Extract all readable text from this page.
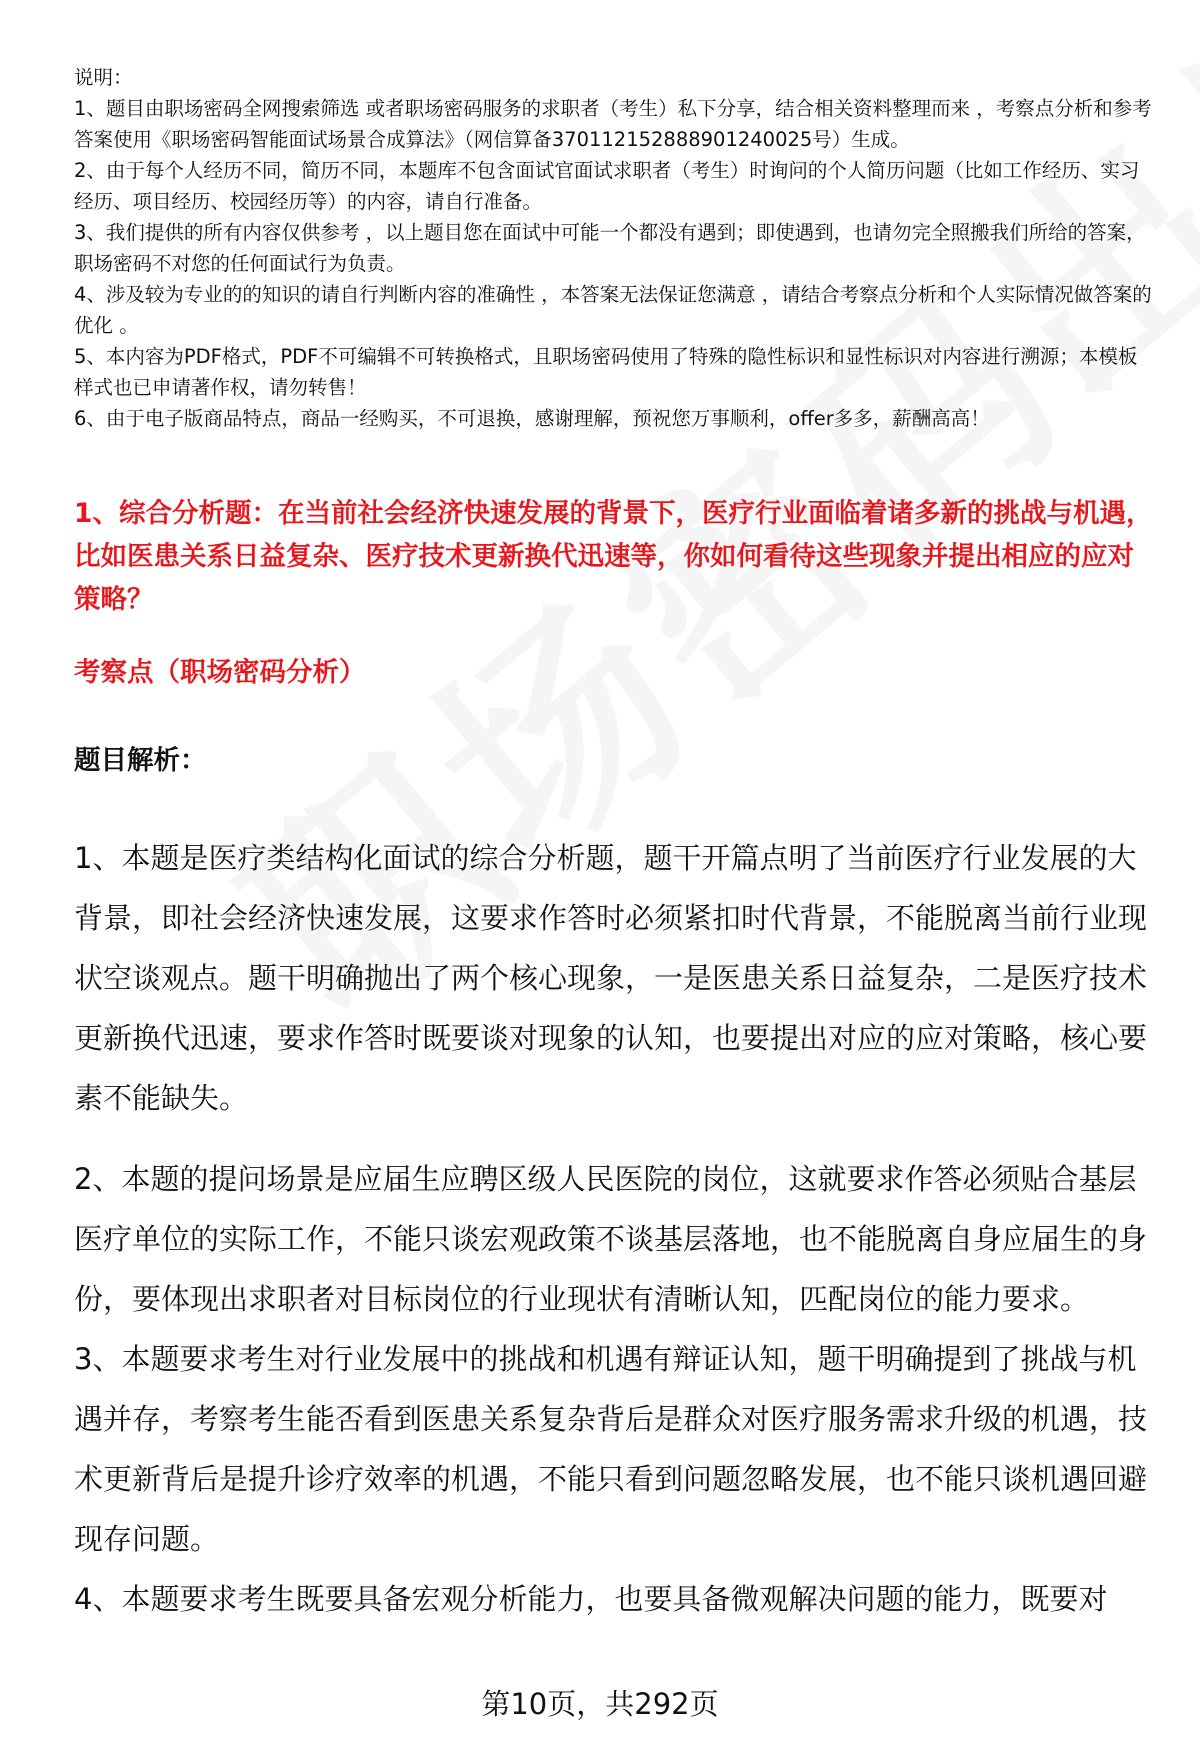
说明：

1、题目由职场密码全网搜索筛选 或者职场密码服务的求职者（考生）私下分享，结合相关资料整理而来 ，考察点分析和参考答案使用《职场密码智能面试场景合成算法》（网信算备370112152888901240025号）生成。

2、由于每个人经历不同，简历不同，本题库不包含面试官面试求职者（考生）时询问的个人简历问题（比如工作经历、实习经历、项目经历、校园经历等）的内容，请自行准备。

3、我们提供的所有内容仅供参考 ，以上题目您在面试中可能一个都没有遇到；即使遇到，也请勿完全照搬我们所给的答案，职场密码不对您的任何面试行为负责。

4、涉及较为专业的的知识的请自行判断内容的准确性 ，本答案无法保证您满意 ，请结合考察点分析和个人实际情况做答案的优化 。

5、本内容为PDF格式，PDF不可编辑不可转换格式，且职场密码使用了特殊的隐性标识和显性标识对内容进行溯源；本模板样式也已申请著作权，请勿转售！

6、由于电子版商品特点，商品一经购买，不可退换，感谢理解，预祝您万事顺利，offer多多，薪酬高高！

1、综合分析题：在当前社会经济快速发展的背景下，医疗行业面临着诸多新的挑战与机遇，比如医患关系日益复杂、医疗技术更新换代迅速等，你如何看待这些现象并提出相应的应对策略？

考察点（职场密码分析）

题目解析：

1、本题是医疗类结构化面试的综合分析题，题干开篇点明了当前医疗行业发展的大背景，即社会经济快速发展，这要求作答时必须紧扣时代背景，不能脱离当前行业现状空谈观点。题干明确抛出了两个核心现象，一是医患关系日益复杂，二是医疗技术更新换代迅速，要求作答时既要谈对现象的认知，也要提出对应的应对策略，核心要素不能缺失。

2、本题的提问场景是应届生应聘区级人民医院的岗位，这就要求作答必须贴合基层医疗单位的实际工作，不能只谈宏观政策不谈基层落地，也不能脱离自身应届生的身份，要体现出求职者对目标岗位的行业现状有清晰认知，匹配岗位的能力要求。

3、本题要求考生对行业发展中的挑战和机遇有辩证认知，题干明确提到了挑战与机遇并存，考察考生能否看到医患关系复杂背后是群众对医疗服务需求升级的机遇，技术更新背后是提升诊疗效率的机遇，不能只看到问题忽略发展，也不能只谈机遇回避现存问题。

4、本题要求考生既要具备宏观分析能力，也要具备微观解决问题的能力，既要对

第10页，共292页
